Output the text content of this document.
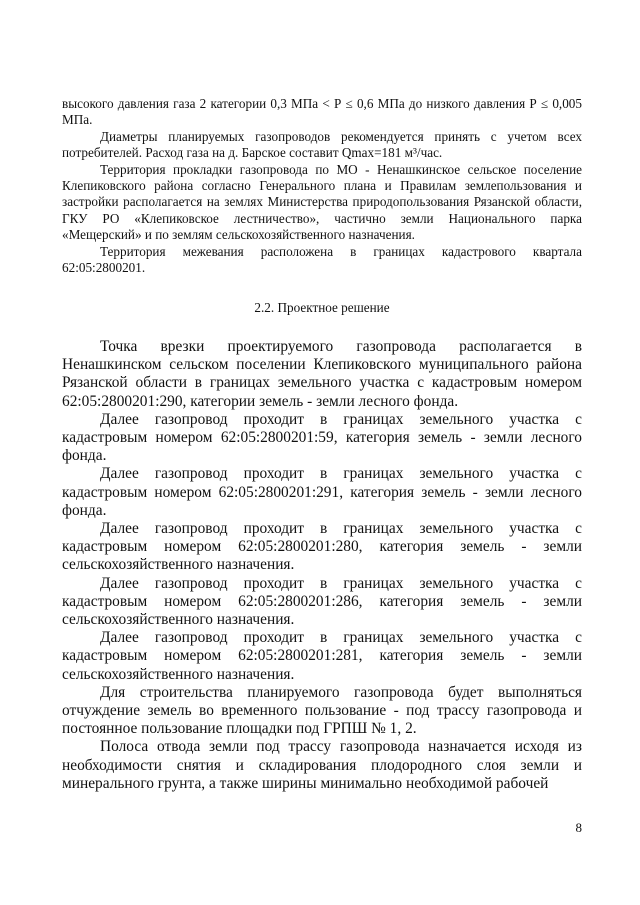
высокого давления газа 2 категории 0,3 МПа < Р ≤ 0,6 МПа до низкого давления Р ≤ 0,005 МПа.

Диаметры планируемых газопроводов рекомендуется принять с учетом всех потребителей. Расход газа на д. Барское составит Qmax=181 м³/час.

Территория прокладки газопровода по МО - Ненашкинское сельское поселение Клепиковского района согласно Генерального плана и Правилам землепользования и застройки располагается на землях Министерства природопользования Рязанской области, ГКУ РО «Клепиковское лестничество», частично земли Национального парка «Мещерский» и по землям сельскохозяйственного назначения.

Территория межевания расположена в границах кадастрового квартала 62:05:2800201.

2.2. Проектное решение

Точка врезки проектируемого газопровода располагается в Ненашкинском сельском поселении Клепиковского муниципального района Рязанской области в границах земельного участка с кадастровым номером 62:05:2800201:290, категории земель - земли лесного фонда.

Далее газопровод проходит в границах земельного участка с кадастровым номером 62:05:2800201:59, категория земель - земли лесного фонда.

Далее газопровод проходит в границах земельного участка с кадастровым номером 62:05:2800201:291, категория земель - земли лесного фонда.

Далее газопровод проходит в границах земельного участка с кадастровым номером 62:05:2800201:280, категория земель - земли сельскохозяйственного назначения.

Далее газопровод проходит в границах земельного участка с кадастровым номером 62:05:2800201:286, категория земель - земли сельскохозяйственного назначения.

Далее газопровод проходит в границах земельного участка с кадастровым номером 62:05:2800201:281, категория земель - земли сельскохозяйственного назначения.

Для строительства планируемого газопровода будет выполняться отчуждение земель во временного пользование - под трассу газопровода и постоянное пользование площадки под ГРПШ № 1, 2.

Полоса отвода земли под трассу газопровода назначается исходя из необходимости снятия и складирования плодородного слоя земли и минерального грунта, а также ширины минимально необходимой рабочей

8
